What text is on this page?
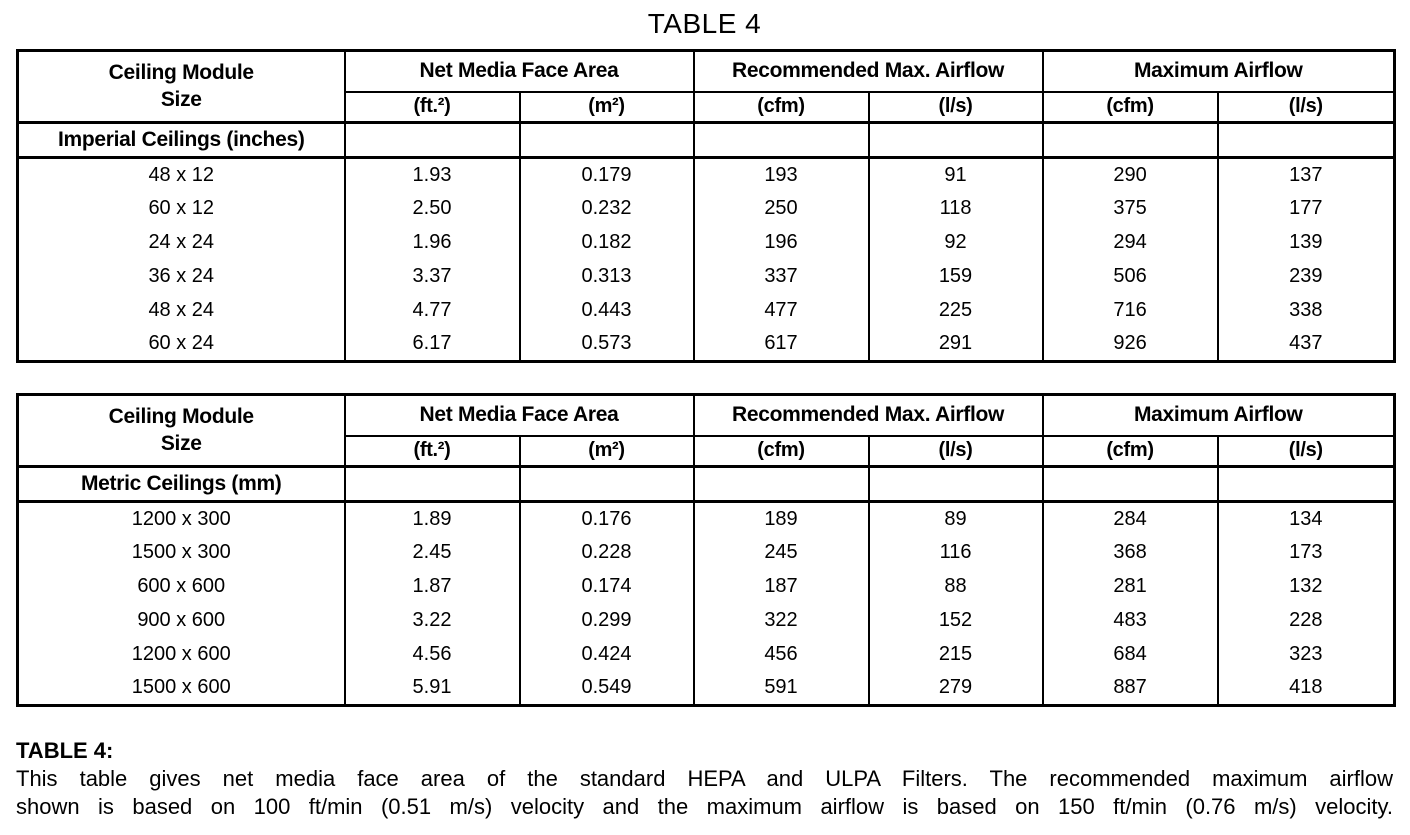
TABLE 4
Ceiling Module
Size	Net Media Face Area		Recommended Max. Airflow		Maximum Airflow	
	(ft.²)	(m²)	(cfm)	(l/s)	(cfm)	(l/s)
Imperial Ceilings (inches)						
48 x 12	1.93	0.179	193	91	290	137
60 x 12	2.50	0.232	250	118	375	177
24 x 24	1.96	0.182	196	92	294	139
36 x 24	3.37	0.313	337	159	506	239
48 x 24	4.77	0.443	477	225	716	338
60 x 24	6.17	0.573	617	291	926	437
Ceiling Module
Size	Net Media Face Area		Recommended Max. Airflow		Maximum Airflow	
	(ft.²)	(m²)	(cfm)	(l/s)	(cfm)	(l/s)
Metric Ceilings (mm)						
1200 x 300	1.89	0.176	189	89	284	134
1500 x 300	2.45	0.228	245	116	368	173
600 x 600	1.87	0.174	187	88	281	132
900 x 600	3.22	0.299	322	152	483	228
1200 x 600	4.56	0.424	456	215	684	323
1500 x 600	5.91	0.549	591	279	887	418
TABLE 4:
This table gives net media face area of the standard HEPA and ULPA Filters. The recommended maximum airflow
shown is based on 100 ft/min (0.51 m/s) velocity and the maximum airflow is based on 150 ft/min (0.76 m/s) velocity.
